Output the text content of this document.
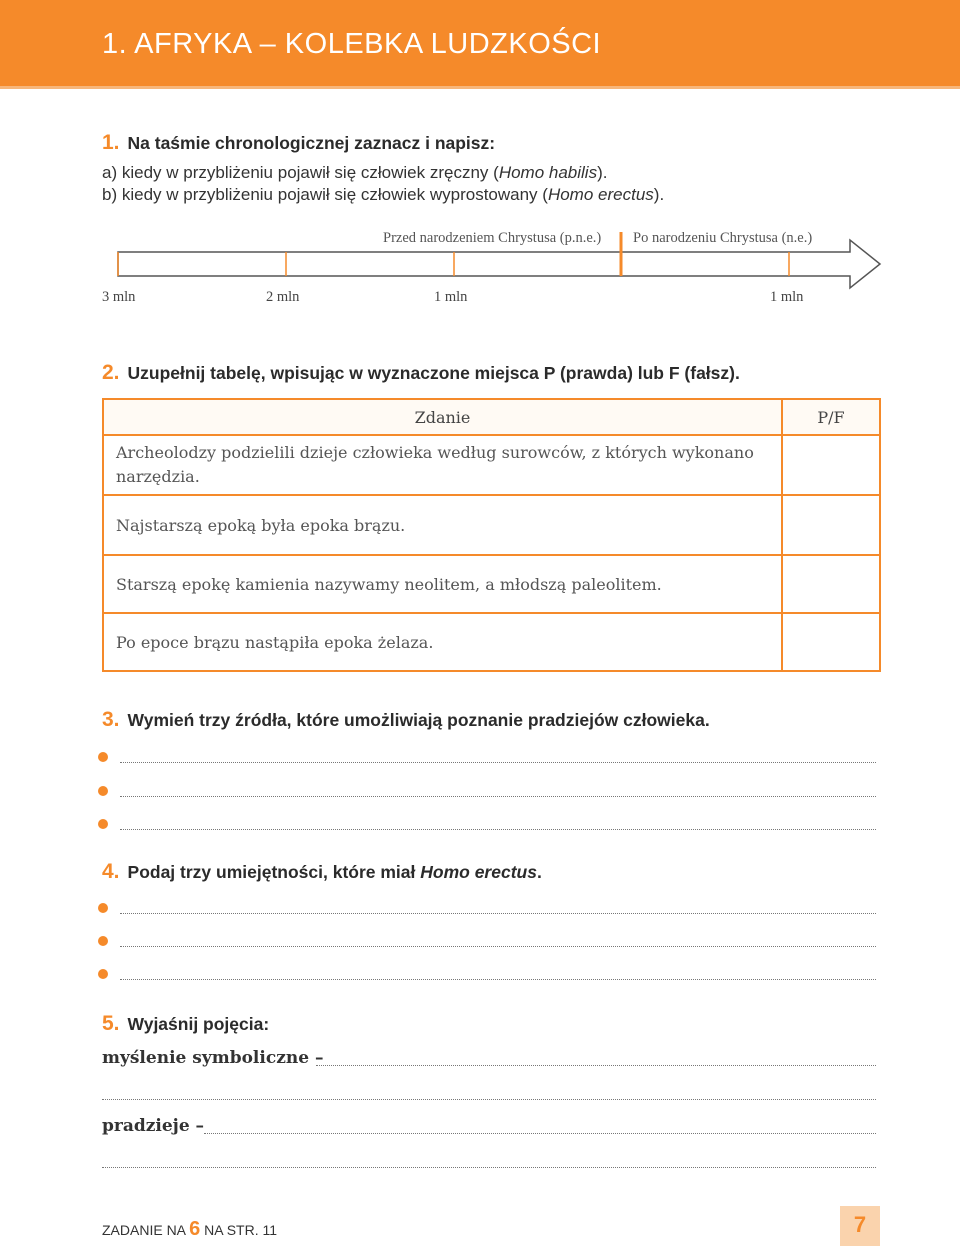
1. AFRYKA – KOLEBKA LUDZKOŚCI
1. Na taśmie chronologicznej zaznacz i napisz:
a) kiedy w przybliżeniu pojawił się człowiek zręczny (Homo habilis).
b) kiedy w przybliżeniu pojawił się człowiek wyprostowany (Homo erectus).
Przed narodzeniem Chrystusa (p.n.e.) Po narodzeniu Chrystusa (n.e.)
3 mln	2 mln	1 mln	1 mln
2. Uzupełnij tabelę, wpisując w wyznaczone miejsca P (prawda) lub F (fałsz).
Zdanie	P/F
Archeolodzy podzielili dzieje człowieka według surowców, z których wykonano narzędzia.	
Najstarszą epoką była epoka brązu.	
Starszą epokę kamienia nazywamy neolitem, a młodszą paleolitem.	
Po epoce brązu nastąpiła epoka żelaza.	
3. Wymień trzy źródła, które umożliwiają poznanie pradziejów człowieka.
4. Podaj trzy umiejętności, które miał Homo erectus.
5. Wyjaśnij pojęcia:
myślenie symboliczne –
pradzieje –
ZADANIE NA 6 NA STR. 11	7
